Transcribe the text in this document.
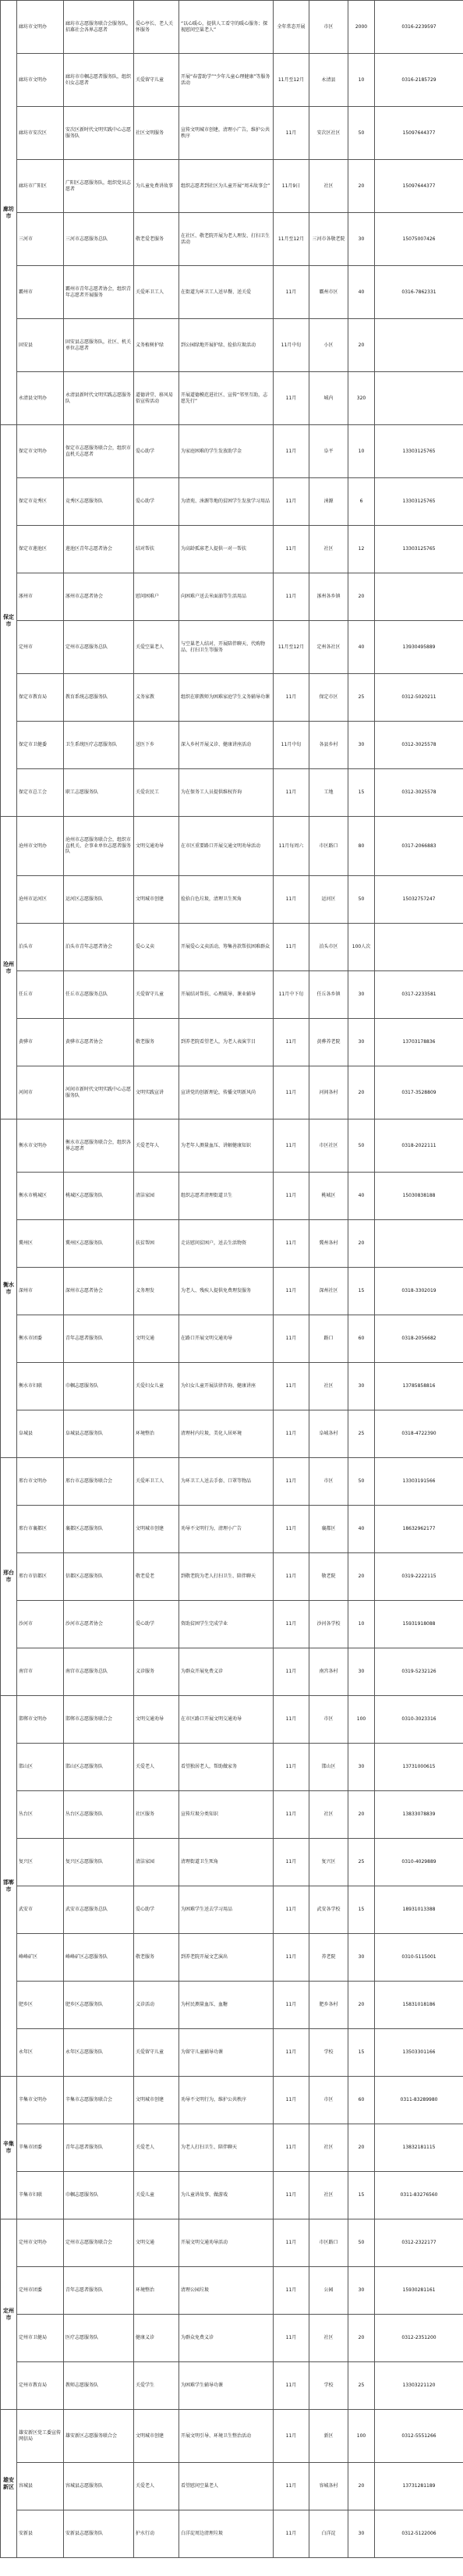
廊坊市	廊坊市文明办	廊坊市志愿服务联合会服务队，招募社会各界志愿者	爱心亭长、老人关怀服务	“以心暖心，提供人工看守的暖心服务；探视慰问空巢老人”	全年常态开展	市区	2000	0316-2239597
	廊坊市文明办	廊坊市巾帼志愿者服务队，组织妇女志愿者	关爱留守儿童	开展“春蕾助学”“少年儿童心理健康”等服务活动	11月至12月	永清县	10	0316-2185729
	廊坊市安次区	安次区新时代文明实践中心志愿服务队	社区文明服务	宣传文明城市创建，清理小广告，维护公共秩序	11月	安次区社区	50	15097644377
	廊坊市广阳区	广阳区志愿服务队，组织党员志愿者	为儿童免费讲故事	组织志愿者到社区为儿童开展“周末故事会”	11月9日	社区	20	15097644377
	三河市	三河市志愿服务总队	敬老爱老服务	在社区、敬老院开展为老人理发、打扫卫生活动	11月至12月	三河市各敬老院	30	15075007426
	霸州市	霸州市青年志愿者协会，组织青年志愿者开展服务	关爱环卫工人	在街道为环卫工人送早餐、送关爱	11月	霸州市区	40	0316-7862331
	固安县	固安县志愿服务队，社区、机关单位志愿者	义务植树护绿	到公园绿地开展护绿、捡拾垃圾活动	11月中旬	小区	20	
	永清县文明办	永清县新时代文明实践志愿服务队	道德讲堂、移风易俗宣传活动	开展道德模范进社区、宣传“邻里互助，志愿先行”	11月	城内	320	
保定市	保定市文明办	保定市志愿服务联合会，组织市直机关志愿者	爱心助学	为家庭困难的学生发放助学金	11月	阜平	10	13303125765
	保定市竞秀区	竞秀区志愿服务队	爱心助学	为清苑、涞源等地的贫困学生发放学习用品	11月	涞源	6	13303125765
	保定市莲池区	莲池区青年志愿者协会	结对帮扶	为高龄孤寡老人提供一对一帮扶	11月	社区	12	13303125765
	涿州市	涿州市志愿者协会	慰问困难户	向困难户送去米面油等生活用品	11月	涿州各乡镇	20	
	定州市	定州市志愿服务总队	关爱空巢老人	与空巢老人结对，开展陪伴聊天、代购物品、打扫卫生等服务	11月至12月	定州各社区	40	13930495889
	保定市教育局	教育系统志愿服务队	义务家教	组织在职教师为困难家庭学生义务辅导功课	11月	保定市区	25	0312-5020211
	保定市卫健委	卫生系统医疗志愿服务队	送医下乡	深入乡村开展义诊、健康讲座活动	11月中旬	各县乡村	30	0312-3025578
	保定市总工会	职工志愿服务队	关爱农民工	为在保务工人员提供维权咨询	11月	工地	15	0312-3025578
沧州市	沧州市文明办	沧州市志愿服务联合会，组织市直机关、企事业单位志愿者服务队	文明交通劝导	在市区重要路口开展交通文明劝导活动	11月每周六	市区路口	80	0317-2066883
	沧州市运河区	运河区志愿服务队	文明城市创建	捡拾白色垃圾，清理卫生死角	11月	运河区	50	15032757247
	泊头市	泊头市青年志愿者协会	爱心义卖	开展爱心义卖活动，筹集善款帮扶困难群众	11月	泊头市区	100人次	
	任丘市	任丘市志愿服务总队	关爱留守儿童	开展结对帮扶、心理疏导、课业辅导	11月中下旬	任丘各乡镇	30	0317-2233581
	黄骅市	黄骅市志愿者协会	敬老服务	到养老院看望老人，为老人表演节目	11月	黄骅养老院	30	13703178836
	河间市	河间市新时代文明实践中心志愿服务队	文明实践宣讲	宣讲党的创新理论，传播文明新风尚	11月	河间各村	20	0317-3528809
衡水市	衡水市文明办	衡水市志愿服务联合会，组织各界志愿者	关爱老年人	为老年人测量血压、讲解健康知识	11月	市区社区	50	0318-2022111
	衡水市桃城区	桃城区志愿服务队	清洁家园	组织志愿者清理街道卫生	11月	桃城区	40	15030838188
	冀州区	冀州区志愿服务队	扶贫帮困	走访慰问贫困户，送去生活物资	11月	冀州各村	20	
	深州市	深州市志愿者协会	义务理发	为老人、残疾人提供免费理发服务	11月	深州社区	15	0318-3302019
	衡水市团委	青年志愿者服务队	文明交通	在路口开展文明交通劝导	11月	路口	60	0318-2056682
	衡水市妇联	巾帼志愿服务队	关爱妇女儿童	为妇女儿童开展法律咨询、健康讲座	11月	社区	30	13785858816
	阜城县	阜城县志愿服务队	环境整治	清理村内垃圾，美化人居环境	11月	阜城各村	25	0318-4722390
邢台市	邢台市文明办	邢台市志愿服务联合会	关爱环卫工人	为环卫工人送去手套、口罩等物品	11月	市区	50	13303191566
	邢台市襄都区	襄都区志愿服务队	文明城市创建	劝导不文明行为，清理小广告	11月	襄都区	40	18632962177
	邢台市信都区	信都区志愿服务队	敬老爱老	到敬老院为老人打扫卫生、陪伴聊天	11月	敬老院	20	0319-2222115
	沙河市	沙河市志愿者协会	爱心助学	资助贫困学生完成学业	11月	沙河各学校	10	15931918088
	南宫市	南宫市志愿服务总队	义诊服务	为群众开展免费义诊	11月	南宫各村	30	0319-5232126
邯郸市	邯郸市文明办	邯郸市志愿服务联合会	文明交通劝导	在市区路口开展文明交通劝导	11月	市区	100	0310-3023316
	邯山区	邯山区志愿服务队	关爱老人	看望独居老人，帮助做家务	11月	邯山区	30	13731000615
	丛台区	丛台区志愿服务队	社区服务	宣传垃圾分类知识	11月	社区	20	13833078839
	复兴区	复兴区志愿服务队	清洁家园	清理街道卫生死角	11月	复兴区	25	0310-4029889
	武安市	武安市志愿服务总队	爱心助学	为困难学生送去学习用品	11月	武安各学校	15	18931013388
	峰峰矿区	峰峰矿区志愿服务队	敬老服务	到养老院开展文艺演出	11月	养老院	30	0310-5115001
	肥乡区	肥乡区志愿服务队	义诊活动	为村民测量血压、血糖	11月	肥乡各村	20	15831018186
	永年区	永年区志愿服务队	关爱留守儿童	为留守儿童辅导功课	11月	学校	15	13503301166
辛集市	辛集市文明办	辛集市志愿服务联合会	文明城市创建	劝导不文明行为，维护公共秩序	11月	市区	60	0311-83289980
	辛集市团委	青年志愿者服务队	关爱老人	为老人打扫卫生、陪伴聊天	11月	社区	20	13832181115
	辛集市妇联	巾帼志愿服务队	关爱儿童	为儿童讲故事、做游戏	11月	社区	15	0311-83276560
定州市	定州市文明办	定州市志愿服务联合会	文明交通	开展文明交通劝导活动	11月	市区路口	50	0312-2322177
	定州市团委	青年志愿者服务队	环境整治	清理公园垃圾	11月	公园	30	15930281161
	定州市卫健局	医疗志愿服务队	健康义诊	为群众免费义诊	11月	社区	20	0312-2351200
	定州市教育局	教师志愿服务队	关爱学生	为困难学生辅导功课	11月	学校	25	13303221120
雄安新区	雄安新区党工委宣传网信局	雄安新区志愿服务联合会	文明城市创建	开展文明引导、环境卫生整治活动	11月	新区	100	0312-5551266
	容城县	容城县志愿服务队	关爱老人	看望慰问空巢老人	11月	容城各村	20	13731281189
	安新县	安新县志愿服务队	护水行动	白洋淀周边清理垃圾	11月	白洋淀	30	0312-5122006
